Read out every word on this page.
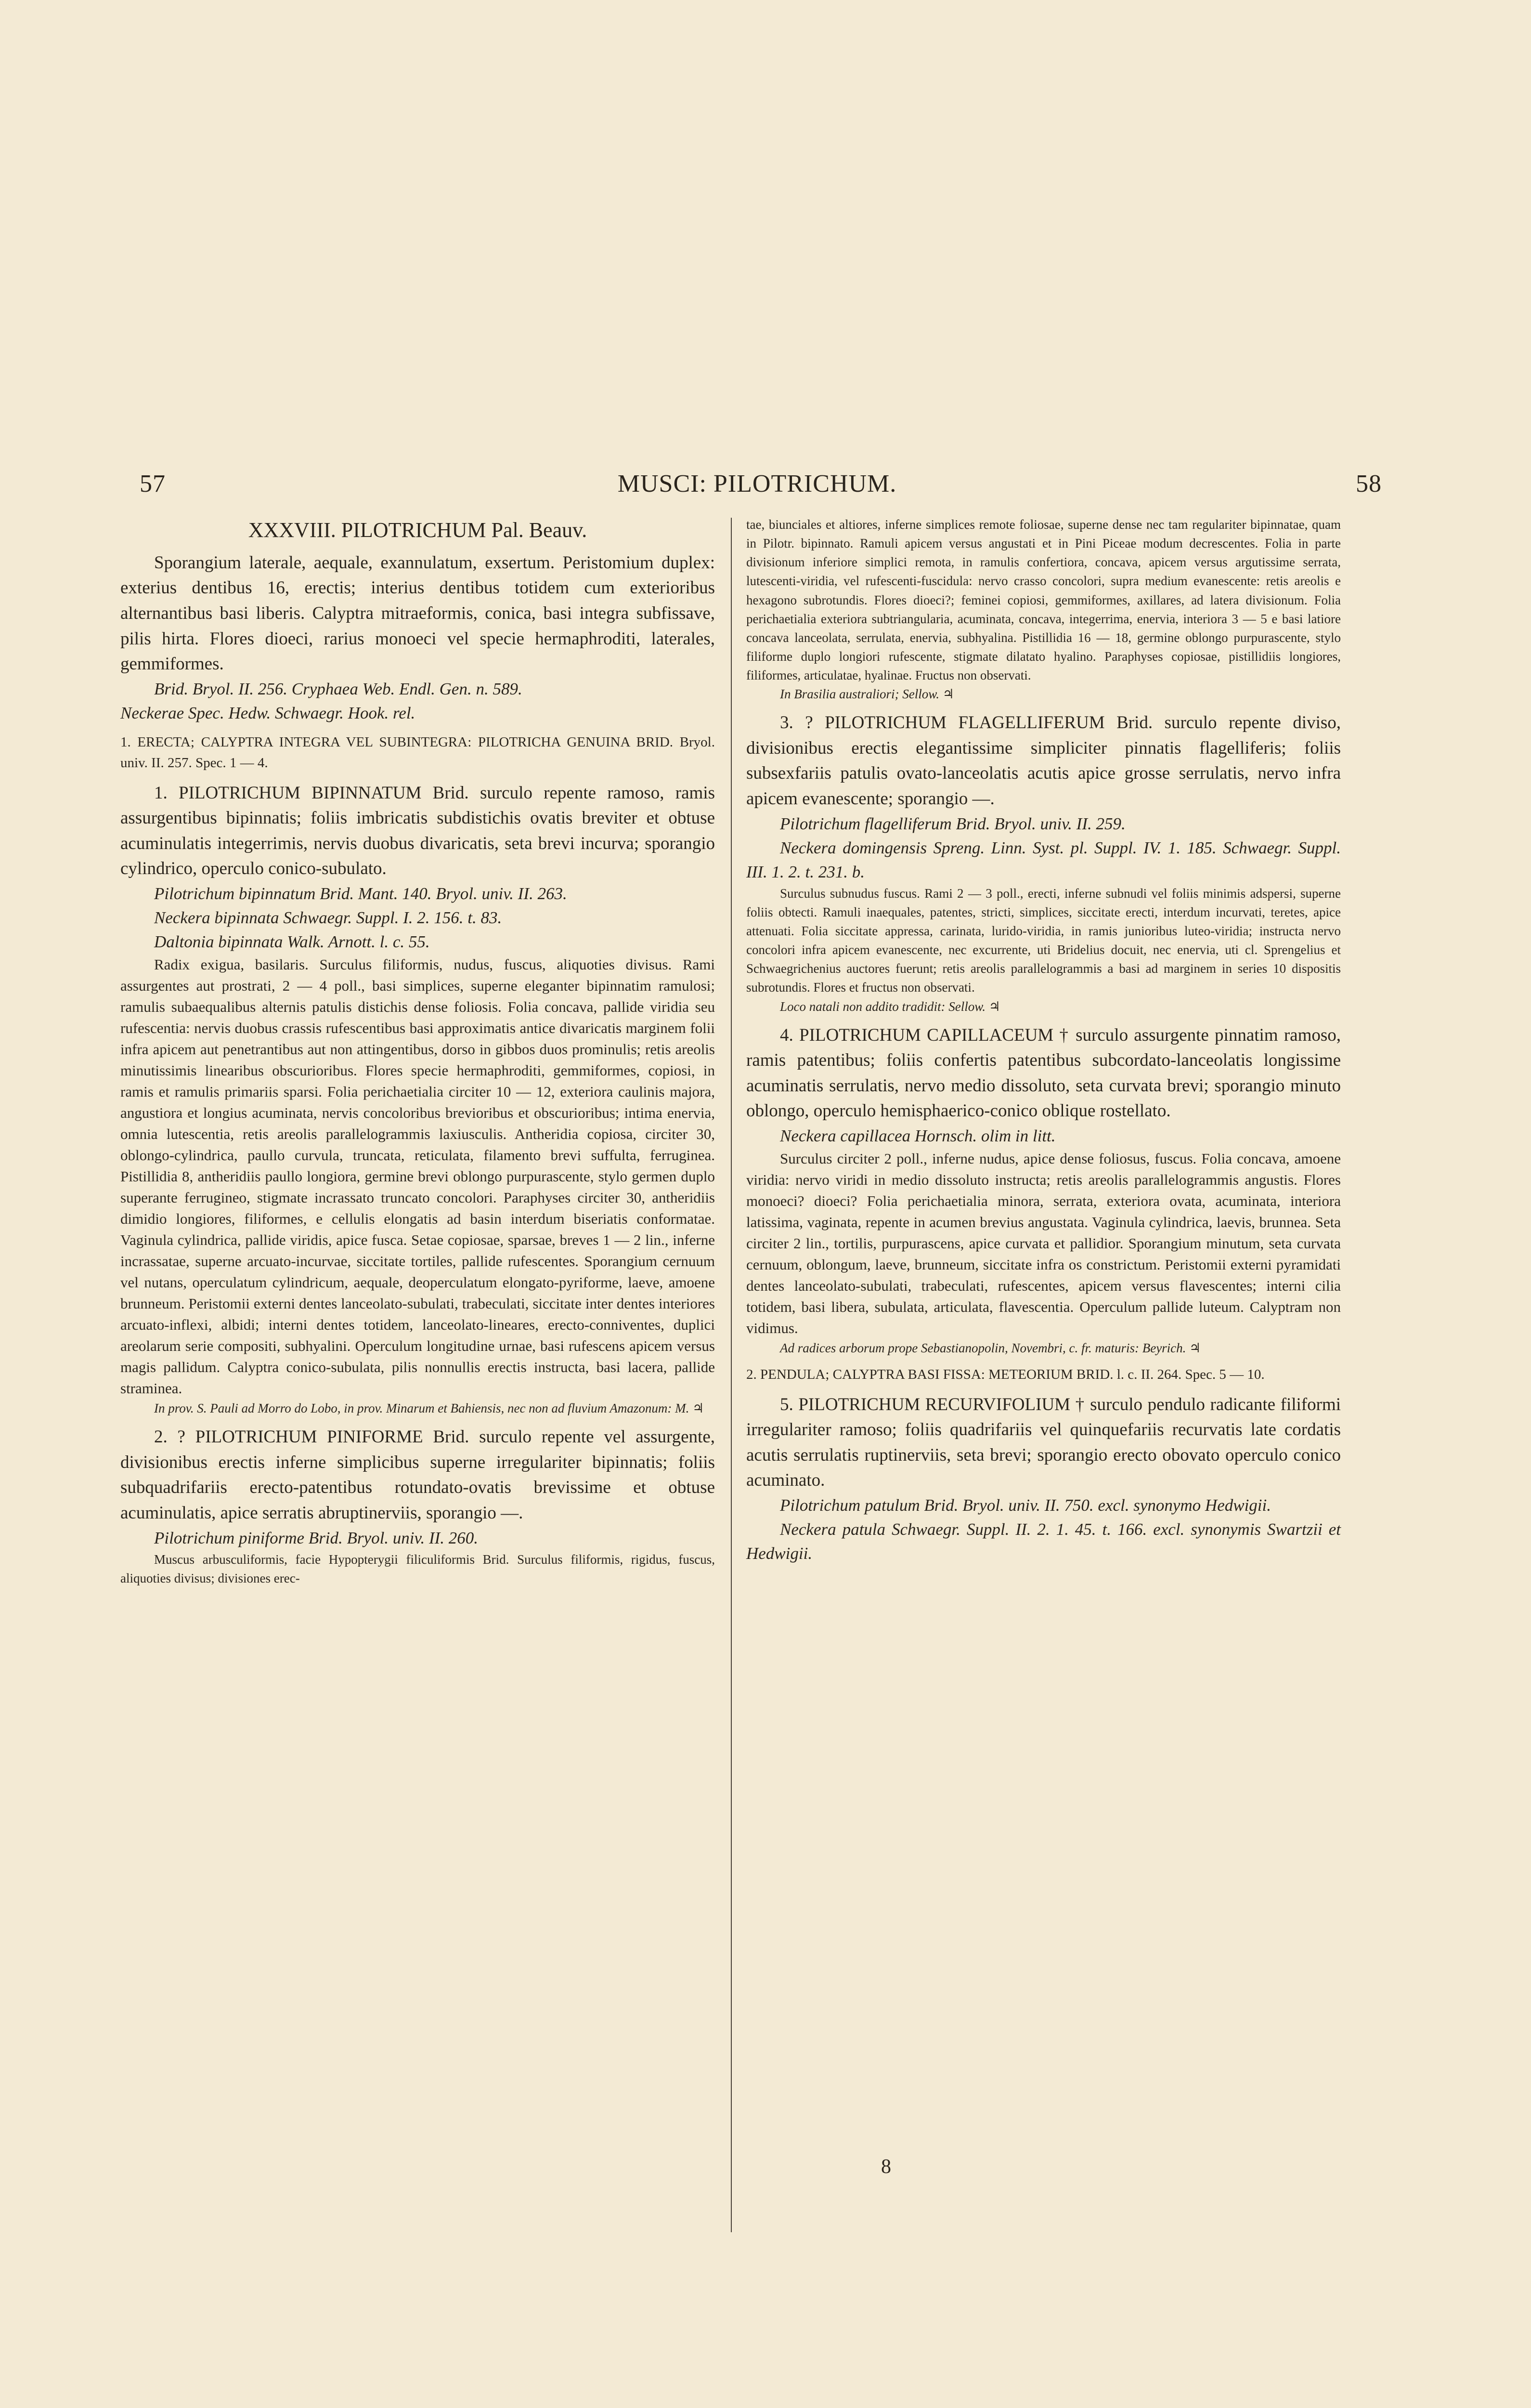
57	MUSCI: PILOTRICHUM.	58

XXXVIII. PILOTRICHUM Pal. Beauv.

Sporangium laterale, aequale, exannulatum, exsertum. Peristomium duplex: exterius dentibus 16, erectis; interius dentibus totidem cum exterioribus alternantibus basi liberis. Calyptra mitraeformis, conica, basi integra subfissave, pilis hirta. Flores dioeci, rarius monoeci vel specie hermaphroditi, laterales, gemmiformes.

Brid. Bryol. II. 256. Cryphaea Web. Endl. Gen. n. 589.

Neckerae Spec. Hedw. Schwaegr. Hook. rel.

1. ERECTA; CALYPTRA INTEGRA VEL SUBINTEGRA: PILOTRICHA GENUINA BRID. Bryol. univ. II. 257. Spec. 1 — 4.

1. PILOTRICHUM BIPINNATUM Brid. surculo repente ramoso, ramis assurgentibus bipinnatis; foliis imbricatis subdistichis ovatis breviter et obtuse acuminulatis integerrimis, nervis duobus divaricatis, seta brevi incurva; sporangio cylindrico, operculo conico-subulato.

Pilotrichum bipinnatum Brid. Mant. 140. Bryol. univ. II. 263.

Neckera bipinnata Schwaegr. Suppl. I. 2. 156. t. 83.

Daltonia bipinnata Walk. Arnott. l. c. 55.

Radix exigua, basilaris. Surculus filiformis, nudus, fuscus, aliquoties divisus. Rami assurgentes aut prostrati, 2 — 4 poll., basi simplices, superne eleganter bipinnatim ramulosi; ramulis subaequalibus alternis patulis distichis dense foliosis. Folia concava, pallide viridia seu rufescentia: nervis duobus crassis rufescentibus basi approximatis antice divaricatis marginem folii infra apicem aut penetrantibus aut non attingentibus, dorso in gibbos duos prominulis; retis areolis minutissimis linearibus obscurioribus. Flores specie hermaphroditi, gemmiformes, copiosi, in ramis et ramulis primariis sparsi. Folia perichaetialia circiter 10 — 12, exteriora caulinis majora, angustiora et longius acuminata, nervis concoloribus brevioribus et obscurioribus; intima enervia, omnia lutescentia, retis areolis parallelogrammis laxiusculis. Antheridia copiosa, circiter 30, oblongo-cylindrica, paullo curvula, truncata, reticulata, filamento brevi suffulta, ferruginea. Pistillidia 8, antheridiis paullo longiora, germine brevi oblongo purpurascente, stylo germen duplo superante ferrugineo, stigmate incrassato truncato concolori. Paraphyses circiter 30, antheridiis dimidio longiores, filiformes, e cellulis elongatis ad basin interdum biseriatis conformatae. Vaginula cylindrica, pallide viridis, apice fusca. Setae copiosae, sparsae, breves 1 — 2 lin., inferne incrassatae, superne arcuato-incurvae, siccitate tortiles, pallide rufescentes. Sporangium cernuum vel nutans, operculatum cylindricum, aequale, deoperculatum elongato-pyriforme, laeve, amoene brunneum. Peristomii externi dentes lanceolato-subulati, trabeculati, siccitate inter dentes interiores arcuato-inflexi, albidi; interni dentes totidem, lanceolato-lineares, erecto-conniventes, duplici areolarum serie compositi, subhyalini. Operculum longitudine urnae, basi rufescens apicem versus magis pallidum. Calyptra conico-subulata, pilis nonnullis erectis instructa, basi lacera, pallide straminea.

In prov. S. Pauli ad Morro do Lobo, in prov. Minarum et Bahiensis, nec non ad fluvium Amazonum: M. ♃

2. ? PILOTRICHUM PINIFORME Brid. surculo repente vel assurgente, divisionibus erectis inferne simplicibus superne irregulariter bipinnatis; foliis subquadrifariis erecto-patentibus rotundato-ovatis brevissime et obtuse acuminulatis, apice serratis abruptinerviis, sporangio —.

Pilotrichum piniforme Brid. Bryol. univ. II. 260.

Muscus arbusculiformis, facie Hypopterygii filiculiformis Brid. Surculus filiformis, rigidus, fuscus, aliquoties divisus; divisiones erec-

tae, biunciales et altiores, inferne simplices remote foliosae, superne dense nec tam regulariter bipinnatae, quam in Pilotr. bipinnato. Ramuli apicem versus angustati et in Pini Piceae modum decrescentes. Folia in parte divisionum inferiore simplici remota, in ramulis confertiora, concava, apicem versus argutissime serrata, lutescenti-viridia, vel rufescenti-fuscidula: nervo crasso concolori, supra medium evanescente: retis areolis e hexagono subrotundis. Flores dioeci?; feminei copiosi, gemmiformes, axillares, ad latera divisionum. Folia perichaetialia exteriora subtriangularia, acuminata, concava, integerrima, enervia, interiora 3 — 5 e basi latiore concava lanceolata, serrulata, enervia, subhyalina. Pistillidia 16 — 18, germine oblongo purpurascente, stylo filiforme duplo longiori rufescente, stigmate dilatato hyalino. Paraphyses copiosae, pistillidiis longiores, filiformes, articulatae, hyalinae. Fructus non observati.

In Brasilia australiori; Sellow. ♃

3. ? PILOTRICHUM FLAGELLIFERUM Brid. surculo repente diviso, divisionibus erectis elegantissime simpliciter pinnatis flagelliferis; foliis subsexfariis patulis ovato-lanceolatis acutis apice grosse serrulatis, nervo infra apicem evanescente; sporangio —.

Pilotrichum flagelliferum Brid. Bryol. univ. II. 259.

Neckera domingensis Spreng. Linn. Syst. pl. Suppl. IV. 1. 185. Schwaegr. Suppl. III. 1. 2. t. 231. b.

Surculus subnudus fuscus. Rami 2 — 3 poll., erecti, inferne subnudi vel foliis minimis adspersi, superne foliis obtecti. Ramuli inaequales, patentes, stricti, simplices, siccitate erecti, interdum incurvati, teretes, apice attenuati. Folia siccitate appressa, carinata, lurido-viridia, in ramis junioribus luteo-viridia; instructa nervo concolori infra apicem evanescente, nec excurrente, uti Bridelius docuit, nec enervia, uti cl. Sprengelius et Schwaegrichenius auctores fuerunt; retis areolis parallelogrammis a basi ad marginem in series 10 dispositis subrotundis. Flores et fructus non observati.

Loco natali non addito tradidit: Sellow. ♃

4. PILOTRICHUM CAPILLACEUM † surculo assurgente pinnatim ramoso, ramis patentibus; foliis confertis patentibus subcordato-lanceolatis longissime acuminatis serrulatis, nervo medio dissoluto, seta curvata brevi; sporangio minuto oblongo, operculo hemisphaerico-conico oblique rostellato.

Neckera capillacea Hornsch. olim in litt.

Surculus circiter 2 poll., inferne nudus, apice dense foliosus, fuscus. Folia concava, amoene viridia: nervo viridi in medio dissoluto instructa; retis areolis parallelogrammis angustis. Flores monoeci? dioeci? Folia perichaetialia minora, serrata, exteriora ovata, acuminata, interiora latissima, vaginata, repente in acumen brevius angustata. Vaginula cylindrica, laevis, brunnea. Seta circiter 2 lin., tortilis, purpurascens, apice curvata et pallidior. Sporangium minutum, seta curvata cernuum, oblongum, laeve, brunneum, siccitate infra os constrictum. Peristomii externi pyramidati dentes lanceolato-subulati, trabeculati, rufescentes, apicem versus flavescentes; interni cilia totidem, basi libera, subulata, articulata, flavescentia. Operculum pallide luteum. Calyptram non vidimus.

Ad radices arborum prope Sebastianopolin, Novembri, c. fr. maturis: Beyrich. ♃

2. PENDULA; CALYPTRA BASI FISSA: METEORIUM BRID. l. c. II. 264. Spec. 5 — 10.

5. PILOTRICHUM RECURVIFOLIUM † surculo pendulo radicante filiformi irregulariter ramoso; foliis quadrifariis vel quinquefariis recurvatis late cordatis acutis serrulatis ruptinerviis, seta brevi; sporangio erecto obovato operculo conico acuminato.

Pilotrichum patulum Brid. Bryol. univ. II. 750. excl. synonymo Hedwigii.

Neckera patula Schwaegr. Suppl. II. 2. 1. 45. t. 166. excl. synonymis Swartzii et Hedwigii.

8
